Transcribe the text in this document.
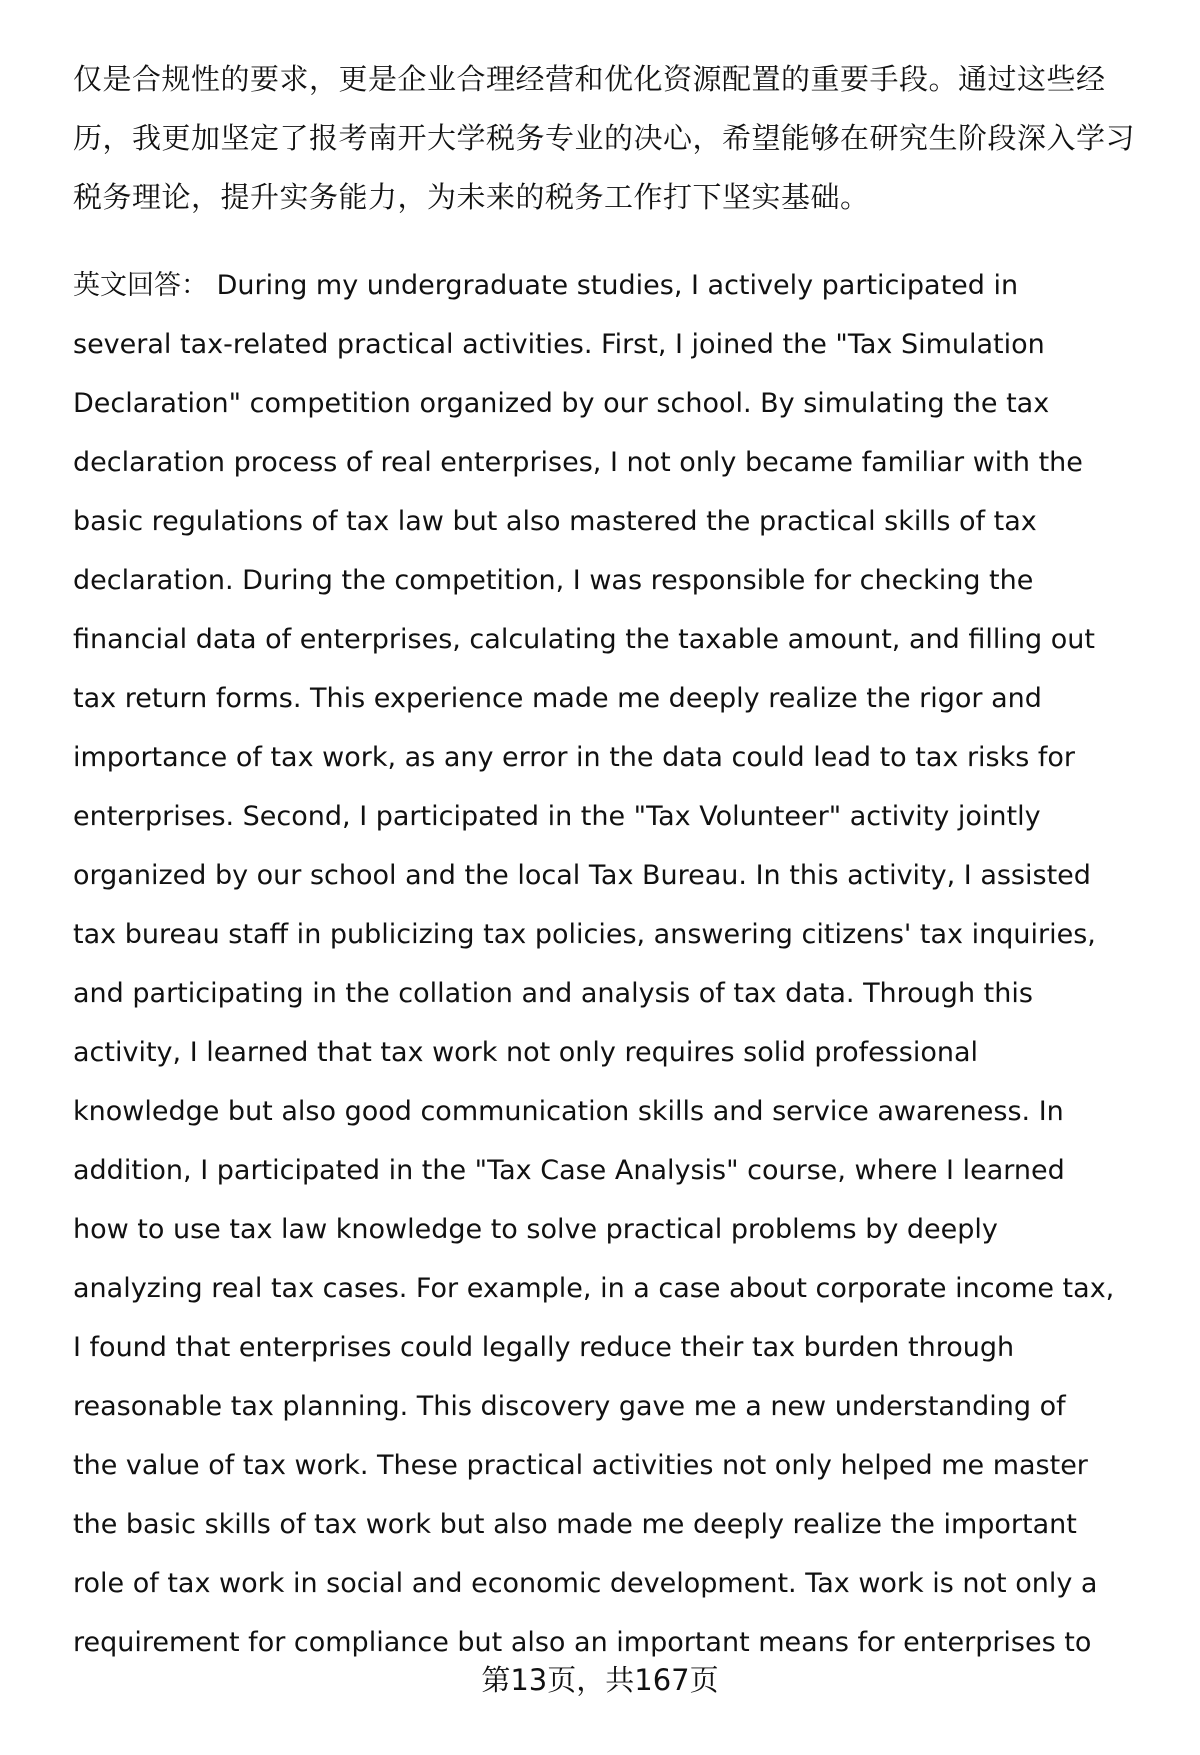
仅是合规性的要求，更是企业合理经营和优化资源配置的重要手段。通过这些经
历，我更加坚定了报考南开大学税务专业的决心，希望能够在研究生阶段深入学习
税务理论，提升实务能力，为未来的税务工作打下坚实基础。
英文回答： During my undergraduate studies, I actively participated in
several tax-related practical activities. First, I joined the "Tax Simulation
Declaration" competition organized by our school. By simulating the tax
declaration process of real enterprises, I not only became familiar with the
basic regulations of tax law but also mastered the practical skills of tax
declaration. During the competition, I was responsible for checking the
financial data of enterprises, calculating the taxable amount, and filling out
tax return forms. This experience made me deeply realize the rigor and
importance of tax work, as any error in the data could lead to tax risks for
enterprises. Second, I participated in the "Tax Volunteer" activity jointly
organized by our school and the local Tax Bureau. In this activity, I assisted
tax bureau staff in publicizing tax policies, answering citizens' tax inquiries,
and participating in the collation and analysis of tax data. Through this
activity, I learned that tax work not only requires solid professional
knowledge but also good communication skills and service awareness. In
addition, I participated in the "Tax Case Analysis" course, where I learned
how to use tax law knowledge to solve practical problems by deeply
analyzing real tax cases. For example, in a case about corporate income tax,
I found that enterprises could legally reduce their tax burden through
reasonable tax planning. This discovery gave me a new understanding of
the value of tax work. These practical activities not only helped me master
the basic skills of tax work but also made me deeply realize the important
role of tax work in social and economic development. Tax work is not only a
requirement for compliance but also an important means for enterprises to
第13页，共167页
